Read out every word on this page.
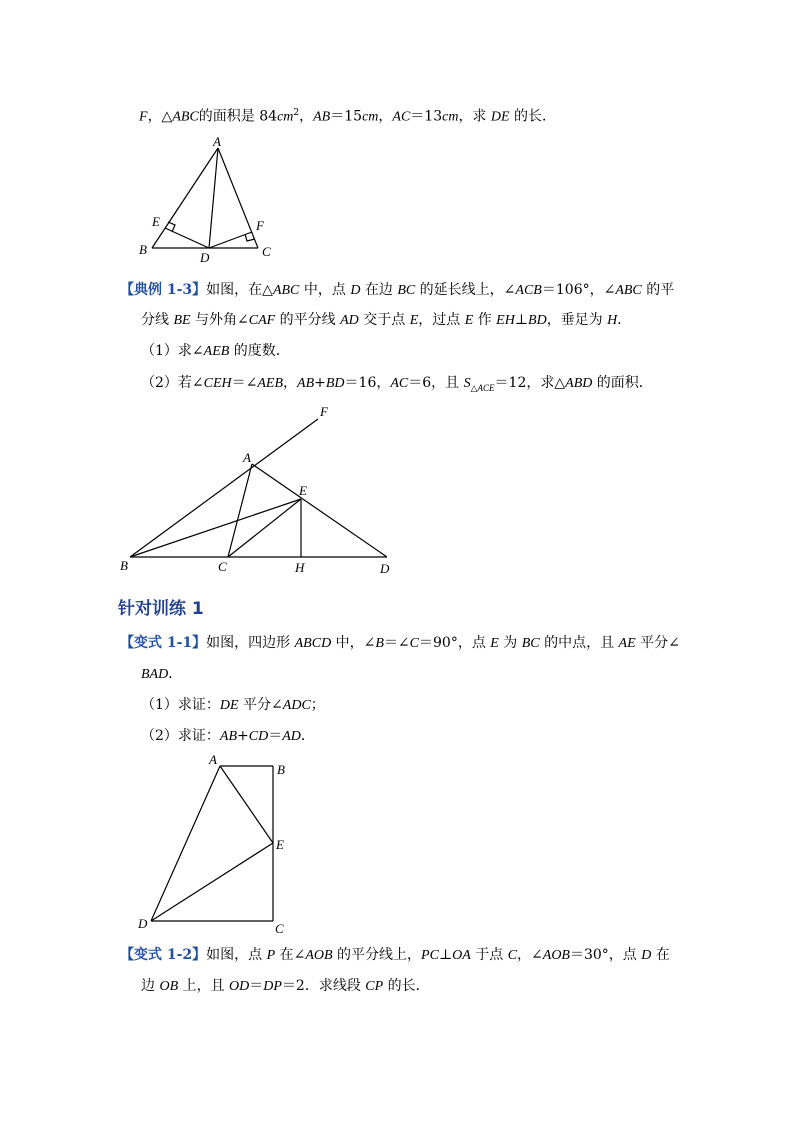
F，△ABC的面积是 $84cm^2$，AB＝15cm，AC＝13cm，求 DE 的长．
A
E	F
B
D	C
【典例 1-3】如图，在△ABC 中，点 D 在边 BC 的延长线上，∠ACB＝106°，∠ABC 的平
分线 BE 与外角∠CAF 的平分线 AD 交于点 E，过点 E 作 EH⊥BD，垂足为 H．
（1）求∠AEB 的度数．
（2）若∠CEH＝∠AEB，AB+BD＝16，AC＝6，且 $S_{\triangle ACE}=12$，求△ABD 的面积．
F
A
E
B	C	H	D
针对训练 1
【变式 1-1】如图，四边形 ABCD 中，∠B＝∠C＝90°，点 E 为 BC 的中点，且 AE 平分∠
BAD．
（1）求证：DE 平分∠ADC；
（2）求证：AB+CD＝AD．
A
B
E
D	C
【变式 1-2】如图，点 P 在∠AOB 的平分线上，PC⊥OA 于点 C，∠AOB＝30°，点 D 在
边 OB 上，且 OD＝DP＝2．求线段 CP 的长．
